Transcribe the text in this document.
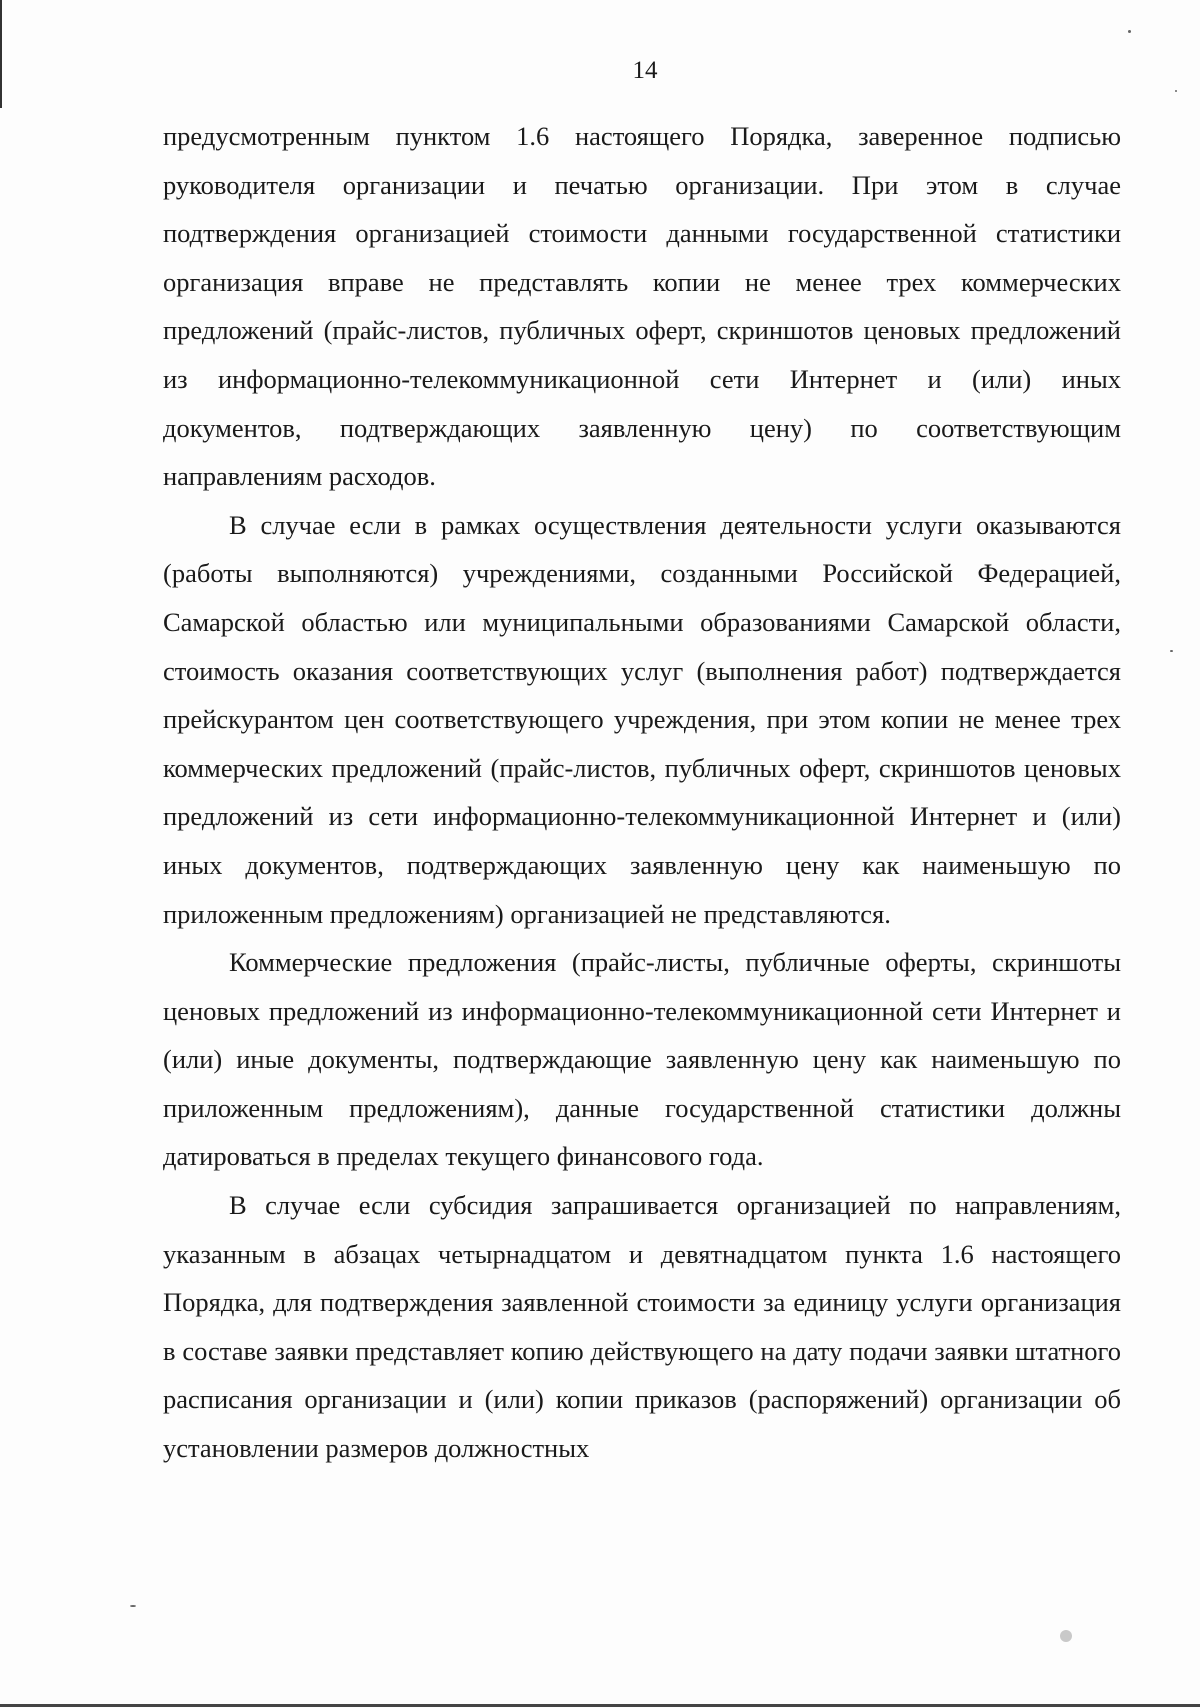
14

предусмотренным пунктом 1.6 настоящего Порядка, заверенное подписью руководителя организации и печатью организации. При этом в случае подтверждения организацией стоимости данными государственной статистики организация вправе не представлять копии не менее трех коммерческих предложений (прайс-листов, публичных оферт, скриншотов ценовых предложений из информационно-телекоммуникационной сети Интернет и (или) иных документов, подтверждающих заявленную цену) по соответствующим направлениям расходов.

В случае если в рамках осуществления деятельности услуги оказываются (работы выполняются) учреждениями, созданными Российской Федерацией, Самарской областью или муниципальными образованиями Самарской области, стоимость оказания соответствующих услуг (выполнения работ) подтверждается прейскурантом цен соответствующего учреждения, при этом копии не менее трех коммерческих предложений (прайс-листов, публичных оферт, скриншотов ценовых предложений из сети информационно-телекоммуникационной Интернет и (или) иных документов, подтверждающих заявленную цену как наименьшую по приложенным предложениям) организацией не представляются.

Коммерческие предложения (прайс-листы, публичные оферты, скриншоты ценовых предложений из информационно-телекоммуникационной сети Интернет и (или) иные документы, подтверждающие заявленную цену как наименьшую по приложенным предложениям), данные государственной статистики должны датироваться в пределах текущего финансового года.

В случае если субсидия запрашивается организацией по направлениям, указанным в абзацах четырнадцатом и девятнадцатом пункта 1.6 настоящего Порядка, для подтверждения заявленной стоимости за единицу услуги организация в составе заявки представляет копию действующего на дату подачи заявки штатного расписания организации и (или) копии приказов (распоряжений) организации об установлении размеров должностных
